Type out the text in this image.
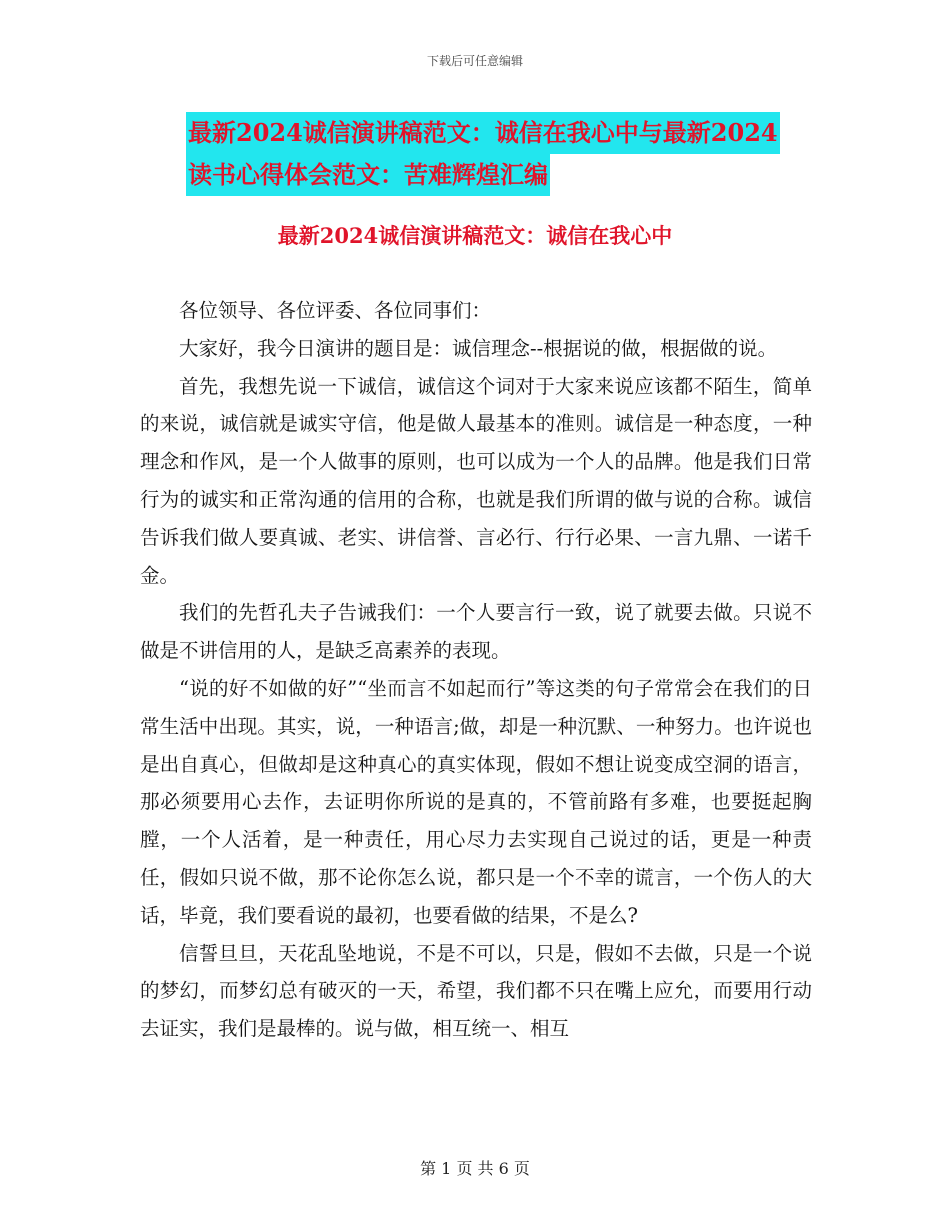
下载后可任意编辑
最新2024诚信演讲稿范文：诚信在我心中与最新2024
读书心得体会范文：苦难辉煌汇编
最新2024诚信演讲稿范文：诚信在我心中

各位领导、各位评委、各位同事们：

大家好，我今日演讲的题目是：诚信理念--根据说的做，根据做的说。

首先，我想先说一下诚信，诚信这个词对于大家来说应该都不陌生，简单的来说，诚信就是诚实守信，他是做人最基本的准则。诚信是一种态度，一种理念和作风，是一个人做事的原则，也可以成为一个人的品牌。他是我们日常行为的诚实和正常沟通的信用的合称，也就是我们所谓的做与说的合称。诚信告诉我们做人要真诚、老实、讲信誉、言必行、行行必果、一言九鼎、一诺千金。

我们的先哲孔夫子告诫我们：一个人要言行一致，说了就要去做。只说不做是不讲信用的人，是缺乏高素养的表现。

“说的好不如做的好”“坐而言不如起而行”等这类的句子常常会在我们的日常生活中出现。其实，说，一种语言;做，却是一种沉默、一种努力。也许说也是出自真心，但做却是这种真心的真实体现，假如不想让说变成空洞的语言，那必须要用心去作，去证明你所说的是真的，不管前路有多难，也要挺起胸膛，一个人活着，是一种责任，用心尽力去实现自己说过的话，更是一种责任，假如只说不做，那不论你怎么说，都只是一个不幸的谎言，一个伤人的大话，毕竟，我们要看说的最初，也要看做的结果，不是么?

信誓旦旦，天花乱坠地说，不是不可以，只是，假如不去做，只是一个说的梦幻，而梦幻总有破灭的一天，希望，我们都不只在嘴上应允，而要用行动去证实，我们是最棒的。说与做，相互统一、相互

第 1 页 共 6 页
